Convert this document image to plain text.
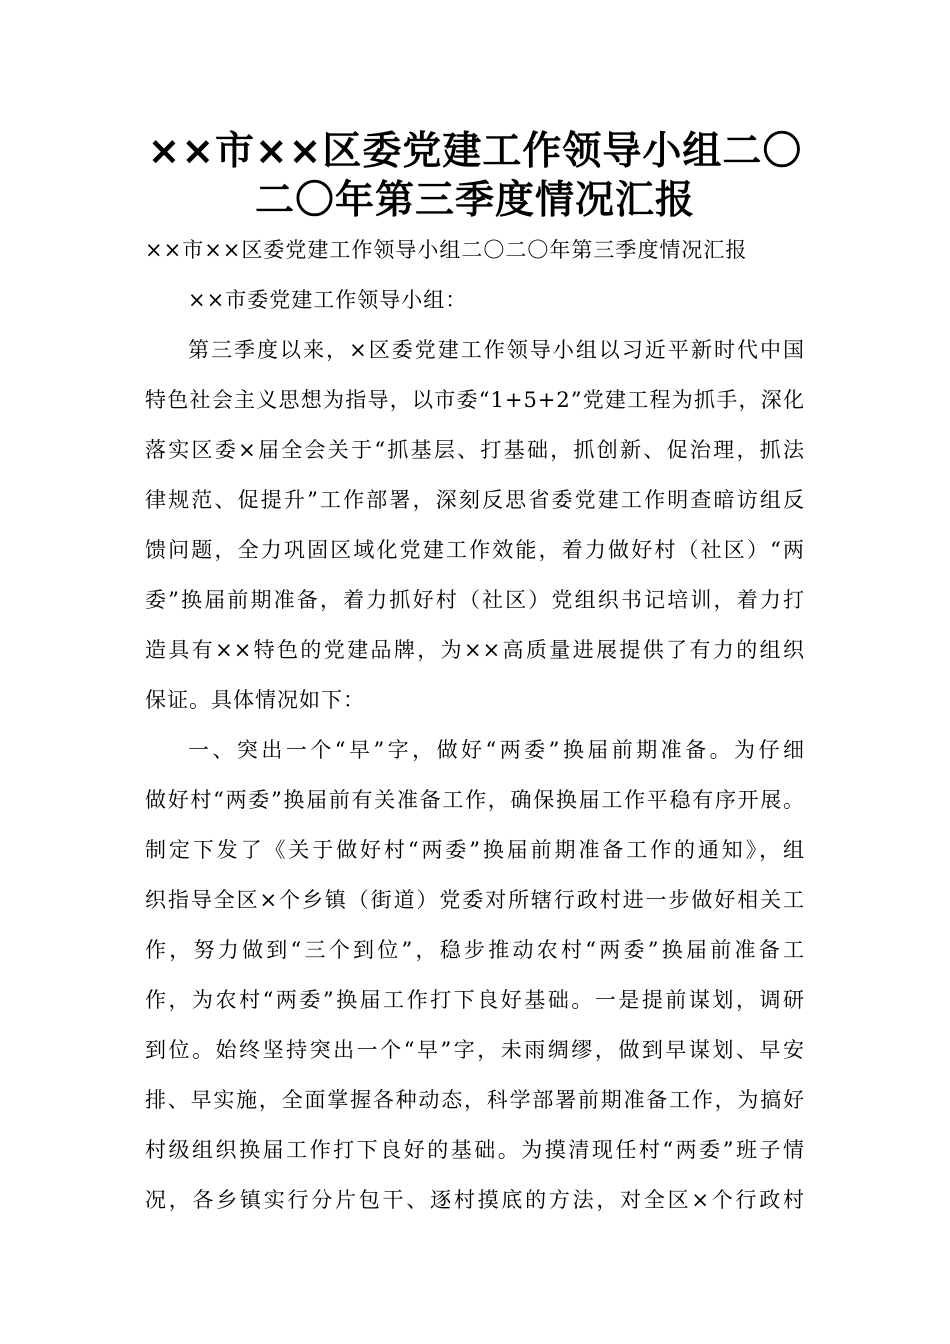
××市××区委党建工作领导小组二〇
二〇年第三季度情况汇报

××市××区委党建工作领导小组二〇二〇年第三季度情况汇报

××市委党建工作领导小组：

第三季度以来，×区委党建工作领导小组以习近平新时代中国

特色社会主义思想为指导，以市委“1+5+2”党建工程为抓手，深化

落实区委×届全会关于“抓基层、打基础，抓创新、促治理，抓法

律规范、促提升”工作部署，深刻反思省委党建工作明查暗访组反

馈问题，全力巩固区域化党建工作效能，着力做好村（社区）“两

委”换届前期准备，着力抓好村（社区）党组织书记培训，着力打

造具有××特色的党建品牌，为××高质量进展提供了有力的组织

保证。具体情况如下：

一、突出一个“早”字，做好“两委”换届前期准备。为仔细

做好村“两委”换届前有关准备工作，确保换届工作平稳有序开展。

制定下发了《关于做好村“两委”换届前期准备工作的通知》，组

织指导全区×个乡镇（街道）党委对所辖行政村进一步做好相关工

作，努力做到“三个到位”，稳步推动农村“两委”换届前准备工

作，为农村“两委”换届工作打下良好基础。一是提前谋划，调研

到位。始终坚持突出一个“早”字，未雨绸缪，做到早谋划、早安

排、早实施，全面掌握各种动态，科学部署前期准备工作，为搞好

村级组织换届工作打下良好的基础。为摸清现任村“两委”班子情

况，各乡镇实行分片包干、逐村摸底的方法，对全区×个行政村
